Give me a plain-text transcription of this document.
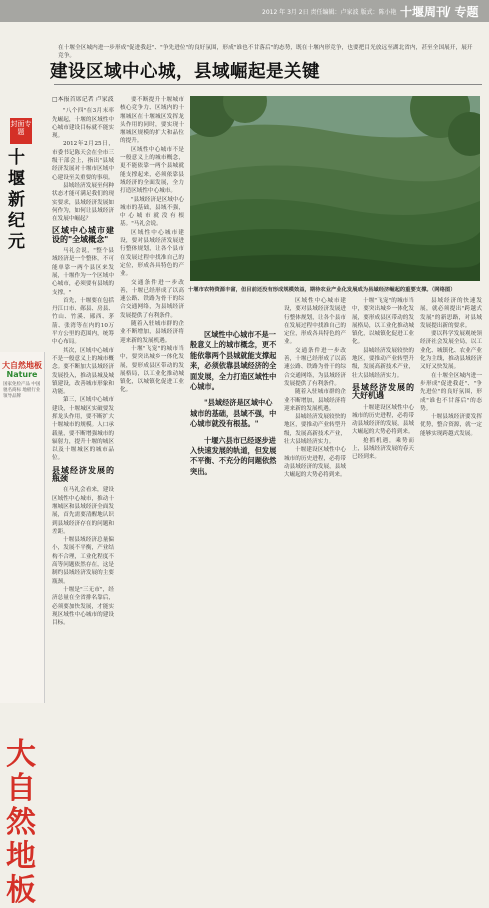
2012 年 3月 2日 责任编辑：卢家波 版式：陈小艳 十堰周刊
/ 专题
在十堰全区城内进一步形成"促进我赶"、"争先进位"的良好氛围，形成"谁也不甘落后"的态势，既在十堰内形竞争，也要把目光放远至湖北省内，甚至全国展开，展开竞争。
建设区域中心城，县域崛起是关键
封面专题
十堰新纪元
大自然地板
Nature
国家免检产品 中国驰名商标 地板行业领导品牌
大自然地板
十堰市农特资源丰富，但目前还没有形成规模效益，期待农业产业化发展成为县域经济崛起的重要支撑。（网络图）
□本报首席记者 卢家波

"八个四"在3月末率先崛起，十堰的区域性中心城市建设目标就不能实现。

2012年2月25日，市委书记陈天会在全市三级干部会上，指出"县域经济发展对十堰市区域中心建设至关重要的事项。

县域经济发展至何种状态才能可满足我们的现实要求，县域经济发展如何作为，如何让县域经济在发展中崛起？

区域中心城市建设的"全域概念"

马礼会说，"整个县域经济是一个整体，不可能单靠一两个县区来发展，十堰作为一个区域中心城市，必须要有县域的支撑。"

首先，十堰要在包括丹江口市、郧县、房县、竹山、竹溪、郧西、茅箭、张湾等在内的10万平方公里的范围内，统筹中心布局。

其次，区域中心城市不是一般意义上的城市概念。要不断加大县域经济发展投入，推动县城及城镇建设，改善城市形象和功能。

第三，区域中心城市建设，十堰城区实破要发挥龙头作用，要不断扩大十堰城市的规模。人口承载量，要不断增强城市的辐射力，提升十堰的城区以及十堰城区的城市品位。

县域经济发展的瓶颈

在马礼会看来，建设区域性中心城市，推动十堰城区和县域经济全面发展，首先需要清醒地认识到县域经济存在的问题和差距。

十堰县域经济总量偏小，发展不平衡，产业结构不合理，工业化程度不高等问题依然存在，这是制约县域经济发展的主要瓶颈。

十堰是"三无市"，经济总量在全省排名靠后，必须要加快发展，才能实现区域性中心城市的建设目标。

要不断提升十堰城市核心竞争力、区域内的十堰城区在十堰城区发挥龙头作用的同时，要实现十堰城区规模的扩大和品位的提升。

区域性中心城市不是一般意义上的城市概念，更不能依靠一两个县城就能支撑起来，必须依靠县域经济的全面发展，全力打造区域性中心城市。

"县域经济是区域中心城市的基础，县域不强，中心城市就没有根基。"马礼会说。

区域性中心城市建设，要对县域经济发展进行整体规划，让各个县市在发展过程中找准自己的定位，形成各具特色的产业。

交通条件进一步改善，十堰已经形成了以高速公路、铁路为骨干的综合交通网络，为县域经济发展提供了有利条件。

随着入驻城市群的企业不断增加，县域经济将迎来新的发展机遇。

十堰"飞宠"的城市当中，要突出城乡一体化发展，要形成县区带动的发展格局，以工业化推动城镇化，以城镇化促进工业化。

区域性中心城市不是一般意义上的城市概念，更不能依靠两个县城就能支撑起来，必须依靠县域经济的全面发展，全力打造区域性中心城市。

"县域经济是区域中心城市的基础，县域不强，中心城市就没有根基。"

十堰六县市已经逐步进入快速发展的轨道，但发展不平衡、不充分的问题依然突出。

区域性中心城市建设，要对县域经济发展进行整体规划，让各个县市在发展过程中找准自己的定位，形成各具特色的产业。

交通条件进一步改善，十堰已经形成了以高速公路、铁路为骨干的综合交通网络，为县域经济发展提供了有利条件。

随着入驻城市群的企业不断增加，县域经济将迎来新的发展机遇。

县城经济发展较快的地区，要推动产业转型升级，发展高新技术产业，壮大县域经济实力。

十堰建设区域性中心城市的历史进程，必将带动县域经济的发展，县域大崛起的大势必将到来。

十堰"飞宠"的城市当中，要突出城乡一体化发展，要形成县区带动的发展格局，以工业化推动城镇化，以城镇化促进工业化。

县城经济发展较快的地区，要推动产业转型升级，发展高新技术产业，壮大县域经济实力。

县域经济发展的大好机遇

十堰建设区域性中心城市的历史进程，必将带动县域经济的发展，县域大崛起的大势必将到来。

抢抓机遇，乘势而上，县域经济发展的春天已经到来。

县域经济的快速发展，就必须提出"跨越式发展"的新思路，对县域发展提出新的要求。

要以科学发展观统领经济社会发展全局，以工业化、城镇化、农业产业化为主线，推动县域经济又好又快发展。

在十堰全区城内进一步形成"促进我赶"、"争先进位"的良好氛围，形成"谁也不甘落后"的态势。

十堰县域经济要发挥优势，整合资源，就一定能够实现跨越式发展。
